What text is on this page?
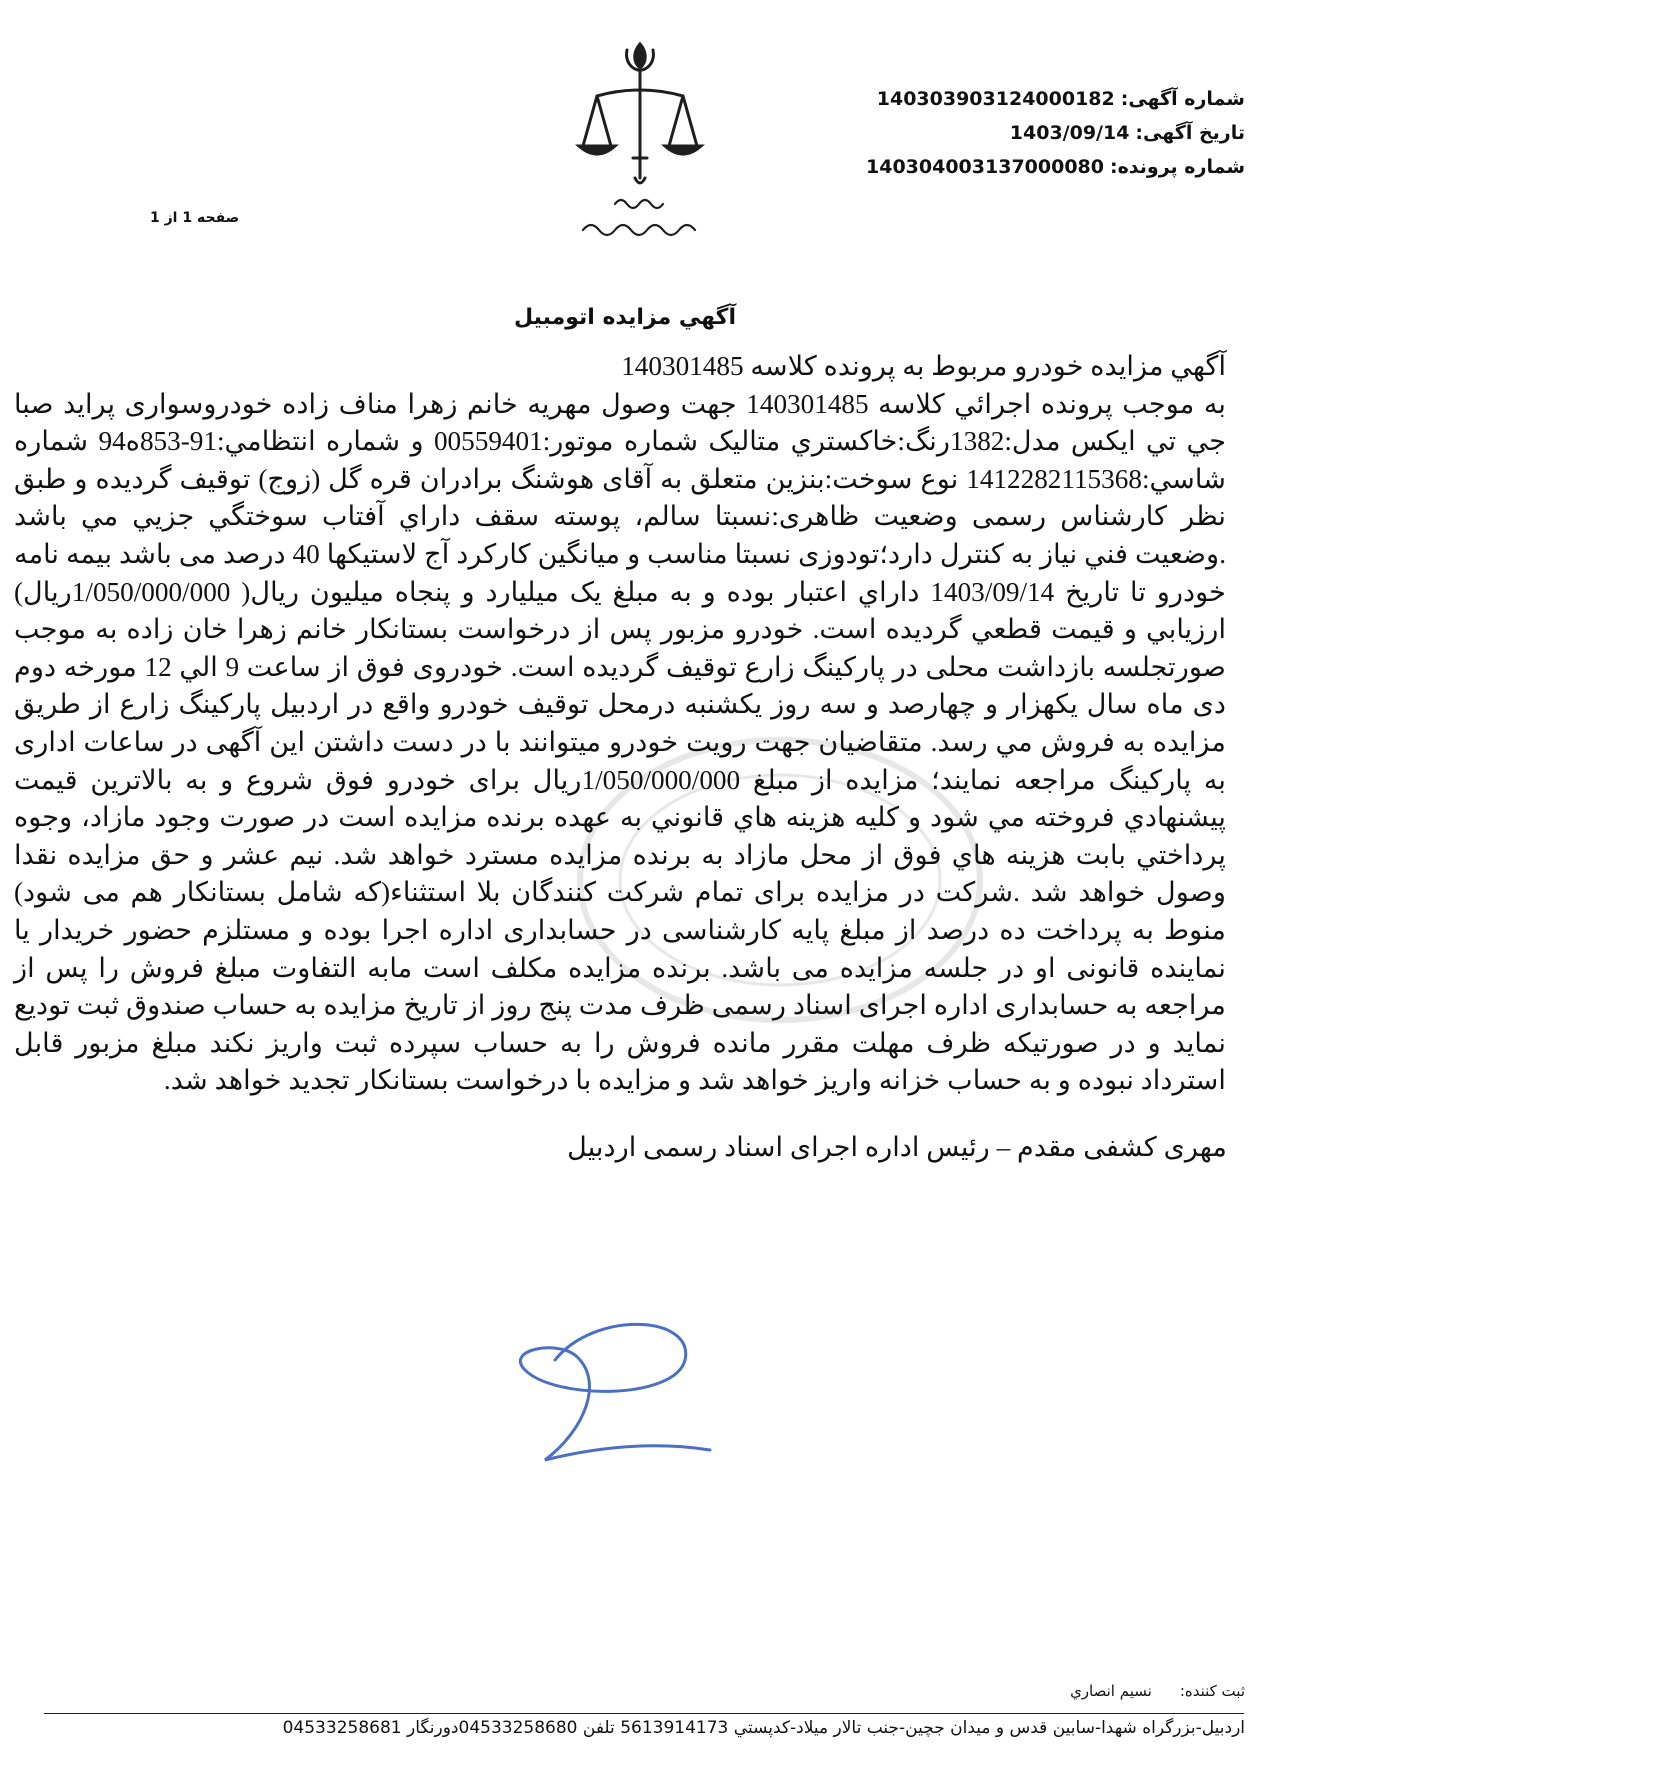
شماره آگهی:140303903124000182
تاریخ آگهی:1403/09/14
شماره پرونده:140304003137000080
صفحه 1 از 1
آگهي مزايده اتومبيل

آگهي مزايده خودرو مربوط به پرونده كلاسه 140301485

به موجب پرونده اجرائي كلاسه 140301485 جهت وصول مهريه خانم زهرا مناف زاده خودروسواری پرايد صبا جي تي ايكس مدل:1382رنگ:خاكستري متاليک شماره موتور:00559401 و شماره انتظامي:91-853ه94 شماره شاسي:1412282115368 نوع سوخت:بنزين متعلق به آقای هوشنگ برادران قره گل (زوج) توقيف گرديده و طبق نظر كارشناس رسمی وضعيت ظاهری:نسبتا سالم، پوسته سقف داراي آفتاب سوختگي جزيي مي باشد .وضعيت فني نياز به كنترل دارد؛تودوزی نسبتا مناسب و ميانگين كاركرد آج لاستيكها 40 درصد می باشد بيمه نامه خودرو تا تاريخ 1403/09/14 داراي اعتبار بوده و به مبلغ يک ميليارد و پنجاه ميليون ريال( 1/050/000/000ريال) ارزيابي و قيمت قطعي گرديده است. خودرو مزبور پس از درخواست بستانكار خانم زهرا خان زاده به موجب صورتجلسه بازداشت محلی در پاركينگ زارع توقيف گرديده است. خودروی فوق از ساعت 9 الي 12 مورخه دوم دی ماه سال يكهزار و چهارصد و سه روز يكشنبه درمحل توقيف خودرو واقع در اردبيل پاركينگ زارع از طريق مزايده به فروش مي رسد. متقاضيان جهت رويت خودرو ميتوانند با در دست داشتن اين آگهی در ساعات اداری به پاركينگ مراجعه نمايند؛ مزايده از مبلغ 1/050/000/000ريال برای خودرو فوق شروع و به بالاترين قيمت پيشنهادي فروخته مي شود و كليه هزينه هاي قانوني به عهده برنده مزايده است در صورت وجود مازاد، وجوه پرداختي بابت هزينه هاي فوق از محل مازاد به برنده مزايده مسترد خواهد شد. نيم عشر و حق مزايده نقدا وصول خواهد شد .شركت در مزايده برای تمام شركت كنندگان بلا استثناء(كه شامل بستانكار هم می شود) منوط به پرداخت ده درصد از مبلغ پايه كارشناسی در حسابداری اداره اجرا بوده و مستلزم حضور خريدار يا نماينده قانونی او در جلسه مزايده می باشد. برنده مزايده مكلف است مابه التفاوت مبلغ فروش را پس از مراجعه به حسابداری اداره اجرای اسناد رسمی ظرف مدت پنج روز از تاريخ مزايده به حساب صندوق ثبت توديع نمايد و در صورتيكه ظرف مهلت مقرر مانده فروش را به حساب سپرده ثبت واريز نكند مبلغ مزبور قابل استرداد نبوده و به حساب خزانه واريز خواهد شد و مزايده با درخواست بستانكار تجديد خواهد شد.

مهری كشفی مقدم – رئيس اداره اجرای اسناد رسمی اردبيل
ثبت كننده:نسيم انصاري
اردبيل-بزرگراه شهدا-سابين قدس و ميدان جچين-جنب تالار ميلاد-كدپستي 5613914173 تلفن 04533258680دورنگار 04533258681
